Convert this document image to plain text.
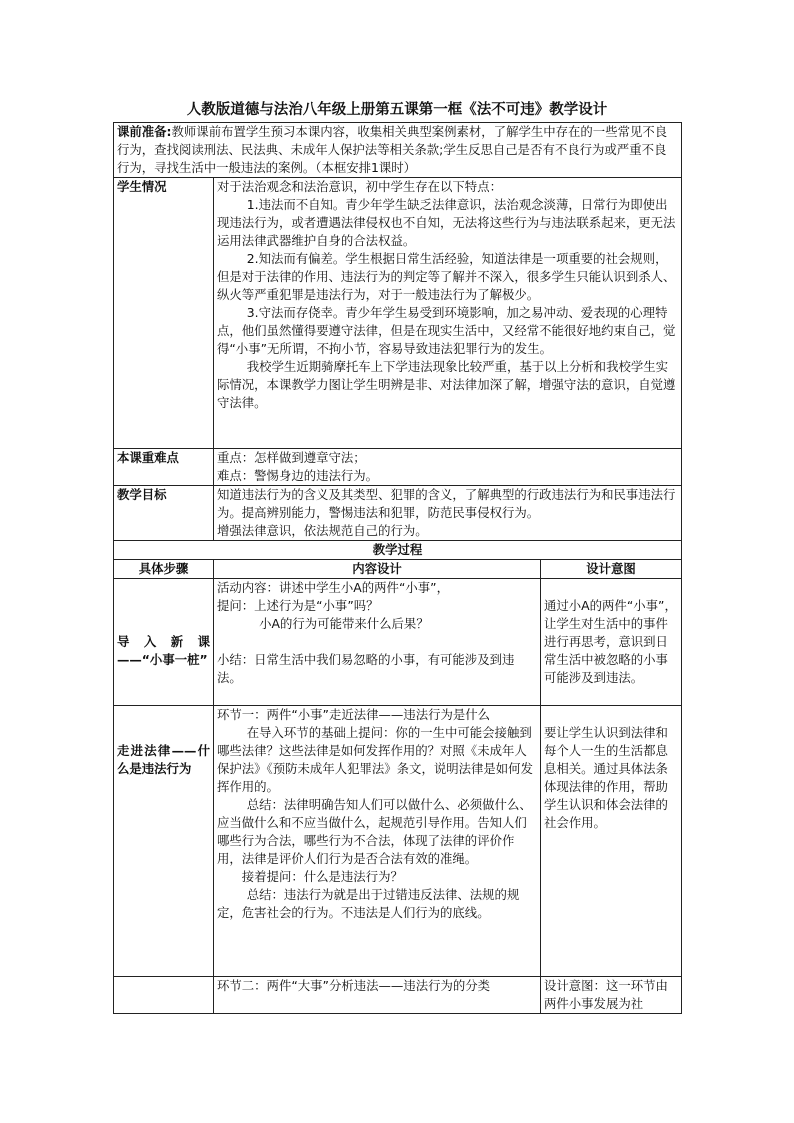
人教版道德与法治八年级上册第五课第一框《法不可违》教学设计

课前准备:教师课前布置学生预习本课内容，收集相关典型案例素材，了解学生中存在的一些常见不良行为，查找阅读刑法、民法典、未成年人保护法等相关条款;学生反思自己是否有不良行为或严重不良行为，寻找生活中一般违法的案例。（本框安排1课时）		
学生情况	对于法治观念和法治意识，初中学生存在以下特点：

1.违法而不自知。青少年学生缺乏法律意识，法治观念淡薄，日常行为即使出现违法行为，或者遭遇法律侵权也不自知，无法将这些行为与违法联系起来，更无法运用法律武器维护自身的合法权益。

2.知法而有偏差。学生根据日常生活经验，知道法律是一项重要的社会规则，但是对于法律的作用、违法行为的判定等了解并不深入，很多学生只能认识到杀人、纵火等严重犯罪是违法行为，对于一般违法行为了解极少。

3.守法而存侥幸。青少年学生易受到环境影响，加之易冲动、爱表现的心理特点，他们虽然懂得要遵守法律，但是在现实生活中，又经常不能很好地约束自己，觉得“小事”无所谓，不拘小节，容易导致违法犯罪行为的发生。

我校学生近期骑摩托车上下学违法现象比较严重，基于以上分析和我校学生实际情况，本课教学力图让学生明辨是非、对法律加深了解，增强守法的意识，自觉遵守法律。	

本课重难点	重点：怎样做到遵章守法；

难点：警惕身边的违法行为。	

教学目标	知道违法行为的含义及其类型、犯罪的含义，了解典型的行政违法行为和民事违法行为。提高辨别能力，警惕违法和犯罪，防范民事侵权行为。

增强法律意识，依法规范自己的行为。	

教学过程		
具体步骤	内容设计	设计意图

导入新课——“小事一桩”	活动内容：讲述中学生小A的两件“小事”，

提问：上述行为是“小事”吗？

小A的行为可能带来什么后果？

小结：日常生活中我们易忽略的小事，有可能涉及到违法。	通过小A的两件“小事”，让学生对生活中的事件进行再思考，意识到日常生活中被忽略的小事可能涉及到违法。

走进法律——什么是违法行为	环节一：两件“小事”走近法律——违法行为是什么

在导入环节的基础上提问：你的一生中可能会接触到哪些法律？这些法律是如何发挥作用的？对照《未成年人保护法》《预防未成年人犯罪法》条文，说明法律是如何发挥作用的。

总结：法律明确告知人们可以做什么、必须做什么、应当做什么和不应当做什么，起规范引导作用。告知人们哪些行为合法，哪些行为不合法，体现了法律的评价作用，法律是评价人们行为是否合法有效的准绳。

接着提问：什么是违法行为？

总结：违法行为就是出于过错违反法律、法规的规定，危害社会的行为。不违法是人们行为的底线。	要让学生认识到法律和每个人一生的生活都息息相关。通过具体法条体现法律的作用，帮助学生认识和体会法律的社会作用。

	环节二：两件“大事”分析违法——违法行为的分类	设计意图：这一环节由两件小事发展为社
